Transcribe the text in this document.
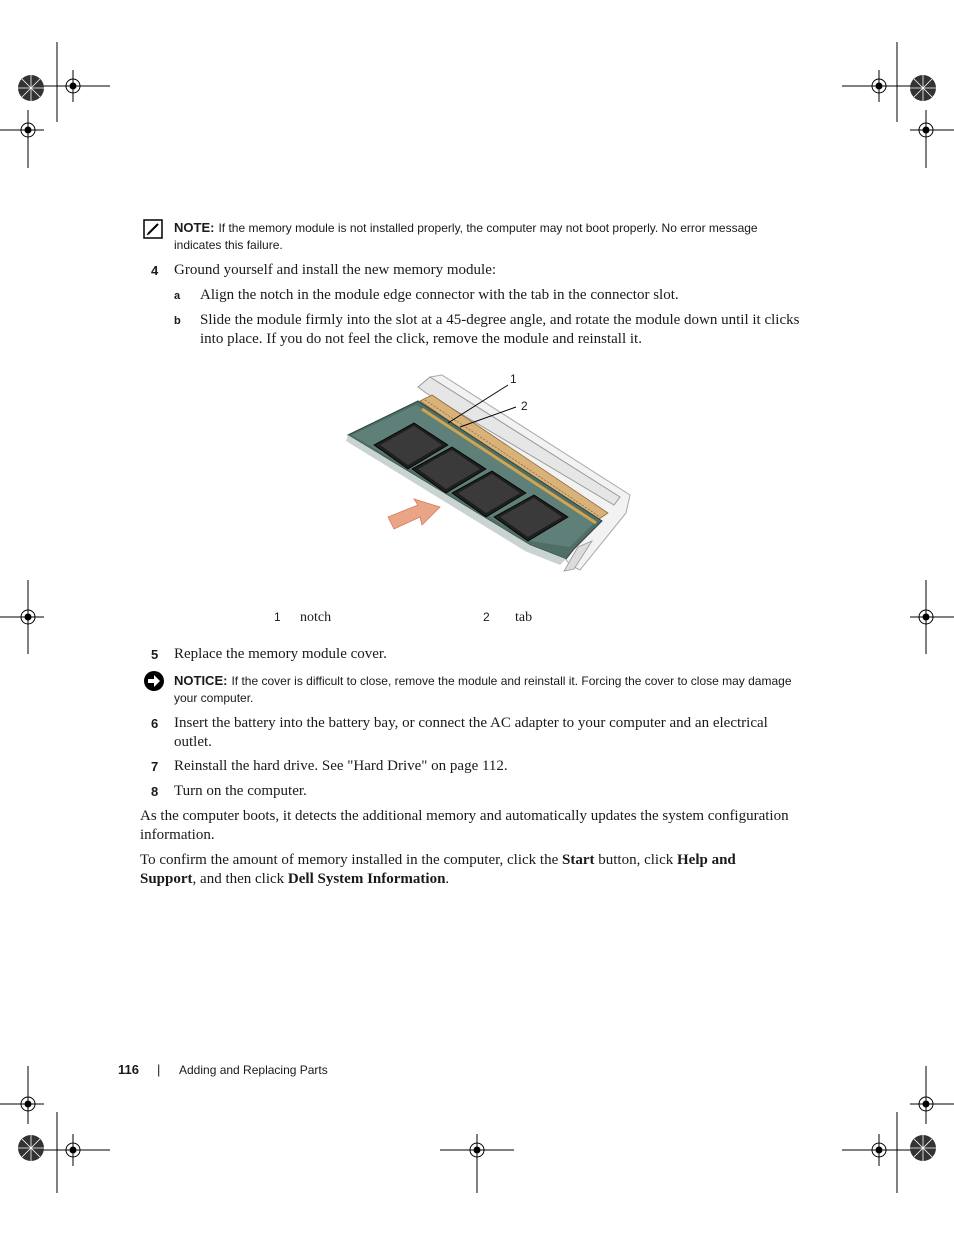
NOTE: If the memory module is not installed properly, the computer may not boot properly. No error message indicates this failure.
4 Ground yourself and install the new memory module:
a Align the notch in the module edge connector with the tab in the connector slot.
b Slide the module firmly into the slot at a 45-degree angle, and rotate the module down until it clicks into place. If you do not feel the click, remove the module and reinstall it.
1
2
1 notch	2 tab
5 Replace the memory module cover.
NOTICE: If the cover is difficult to close, remove the module and reinstall it. Forcing the cover to close may damage your computer.
6 Insert the battery into the battery bay, or connect the AC adapter to your computer and an electrical outlet.
7 Reinstall the hard drive. See "Hard Drive" on page 112.
8 Turn on the computer.
As the computer boots, it detects the additional memory and automatically updates the system configuration information.
To confirm the amount of memory installed in the computer, click the Start button, click Help and Support, and then click Dell System Information.
116 | Adding and Replacing Parts
